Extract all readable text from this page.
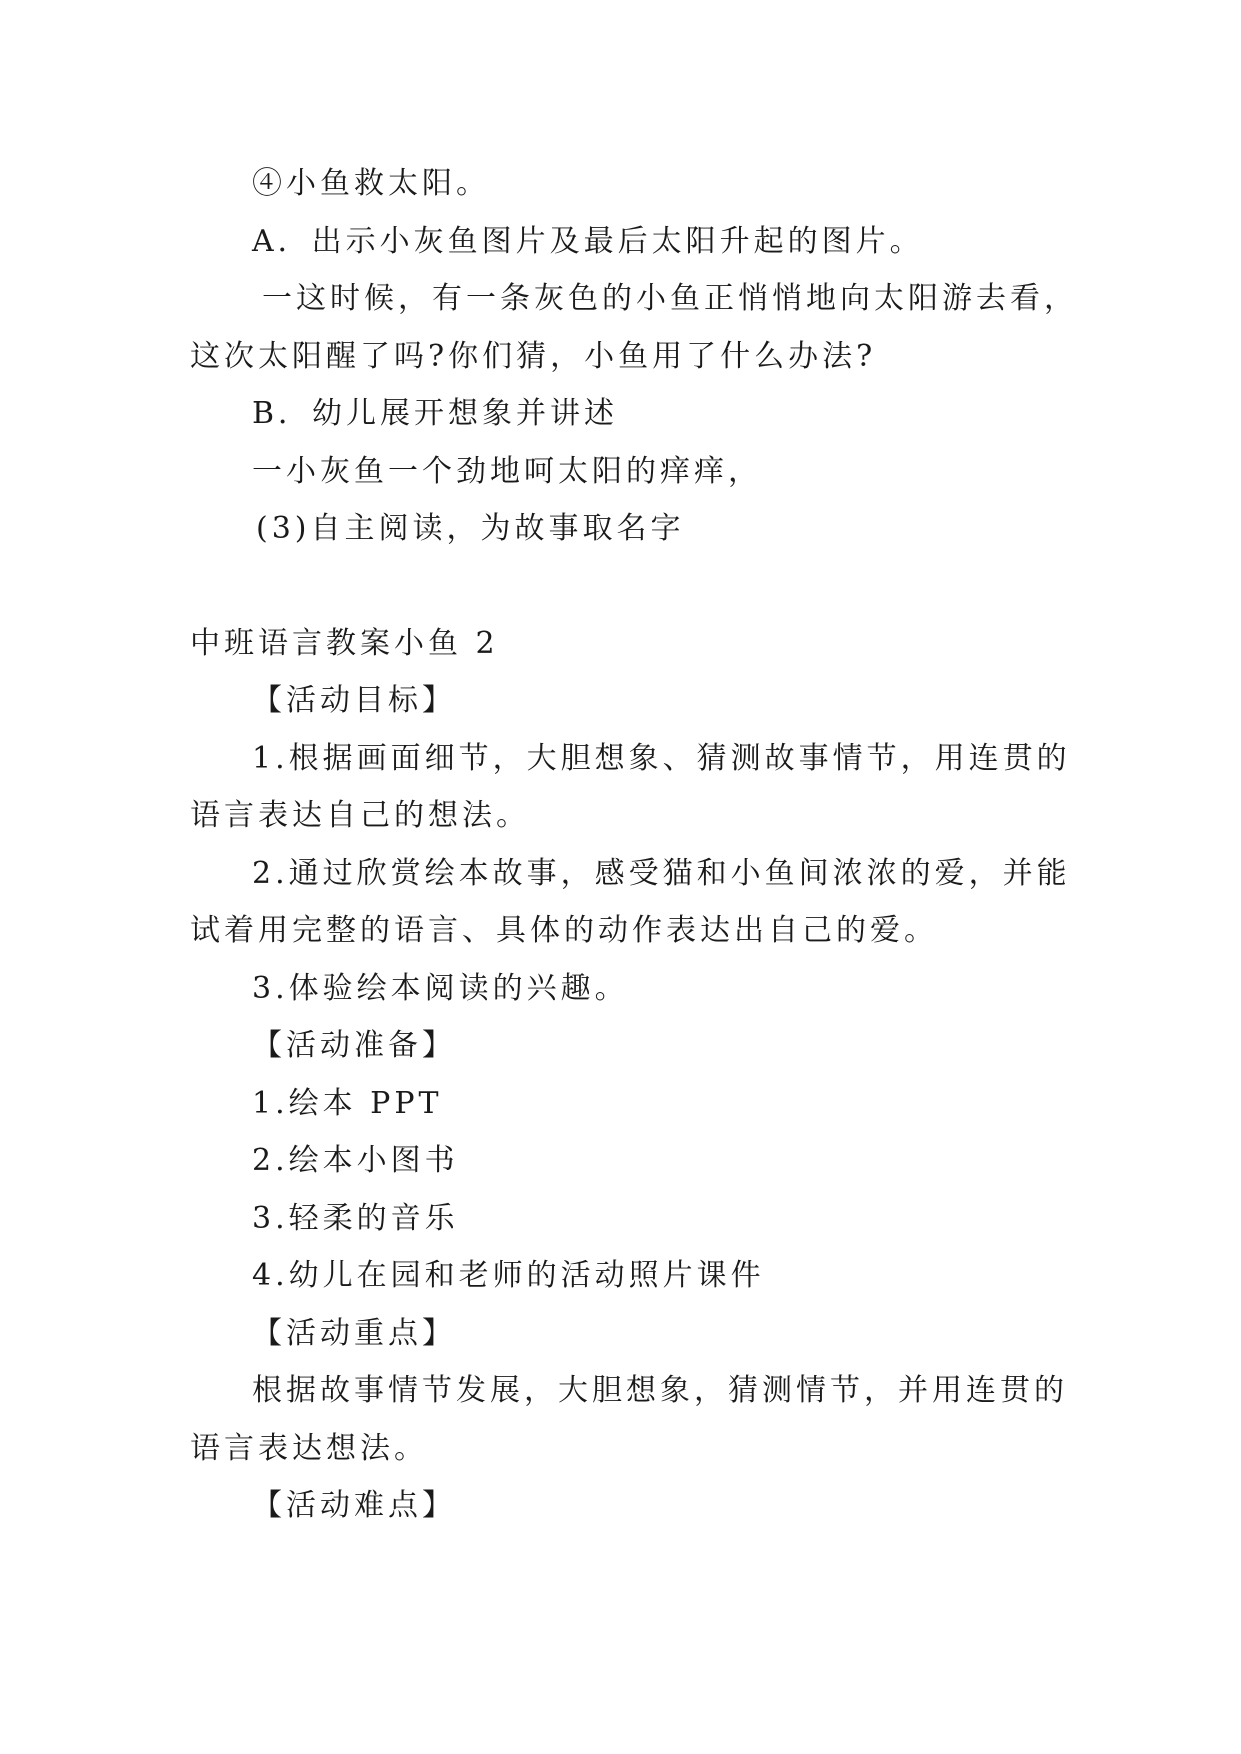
④小鱼救太阳。
A．出示小灰鱼图片及最后太阳升起的图片。
一这时候，有一条灰色的小鱼正悄悄地向太阳游去看，
这次太阳醒了吗?你们猜，小鱼用了什么办法?
B．幼儿展开想象并讲述
一小灰鱼一个劲地呵太阳的痒痒，
(3)自主阅读，为故事取名字
中班语言教案小鱼 2
【活动目标】
1.根据画面细节，大胆想象、猜测故事情节，用连贯的
语言表达自己的想法。
2.通过欣赏绘本故事，感受猫和小鱼间浓浓的爱，并能
试着用完整的语言、具体的动作表达出自己的爱。
3.体验绘本阅读的兴趣。
【活动准备】
1.绘本 PPT
2.绘本小图书
3.轻柔的音乐
4.幼儿在园和老师的活动照片课件
【活动重点】
根据故事情节发展，大胆想象，猜测情节，并用连贯的
语言表达想法。
【活动难点】
